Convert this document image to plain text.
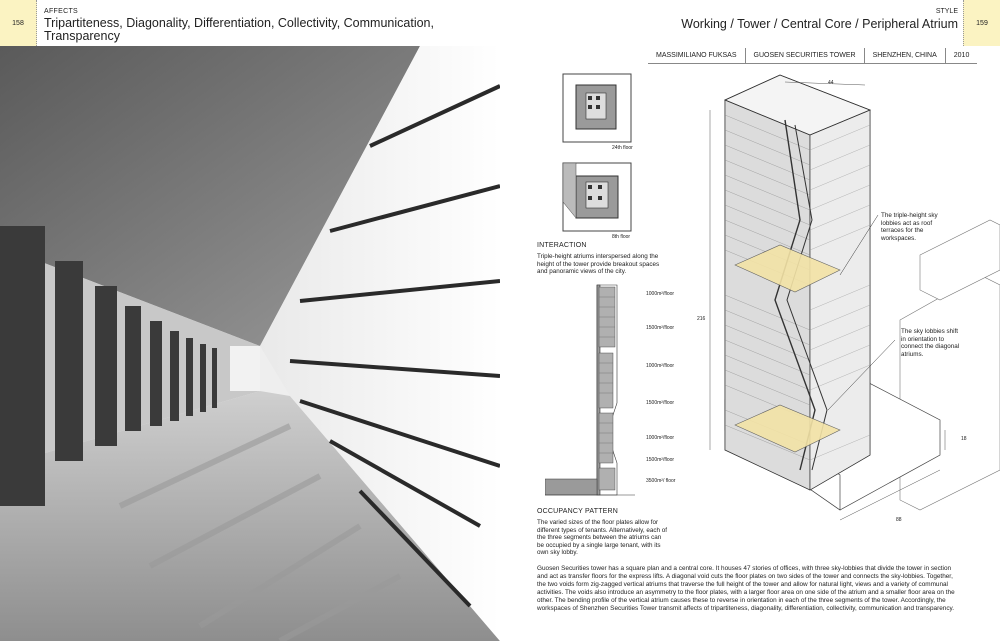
158
AFFECTS
Tripartiteness, Diagonality, Differentiation, Collectivity, Communication, Transparency
STYLE
Working / Tower / Central Core / Peripheral Atrium	159
MASSIMILIANO FUKSAS	GUOSEN SECURITIES TOWER	SHENZHEN, CHINA	2010
24th floor
8th floor
INTERACTION
Triple-height atriums interspersed along the height of the tower provide breakout spaces and panoramic views of the city.
1000m²/floor
1500m²/floor
1000m²/floor
1500m²/floor
1000m²/floor
1500m²/floor
3500m²/ floor
OCCUPANCY PATTERN
The varied sizes of the floor plates allow for different types of tenants. Alternatively, each of the three segments between the atriums can be occupied by a single large tenant, with its own sky lobby.
44
216
18
88
The triple-height sky lobbies act as roof terraces for the workspaces.
The sky lobbies shift in orientation to connect the diagonal atriums.
Guosen Securities tower has a square plan and a central core. It houses 47 stories of offices, with three sky-lobbies that divide the tower in section and act as transfer floors for the express lifts. A diagonal void cuts the floor plates on two sides of the tower and connects the sky-lobbies. Together, the two voids form zig-zagged vertical atriums that traverse the full height of the tower and allow for natural light, views and a variety of communal activities. The voids also introduce an asymmetry to the floor plates, with a larger floor area on one side of the atrium and a smaller floor area on the other. The bending profile of the vertical atrium causes these to reverse in orientation in each of the three segments of the tower. Accordingly, the workspaces of Shenzhen Securities Tower transmit affects of tripartiteness, diagonality, differentiation, collectivity, communication and transparency.
